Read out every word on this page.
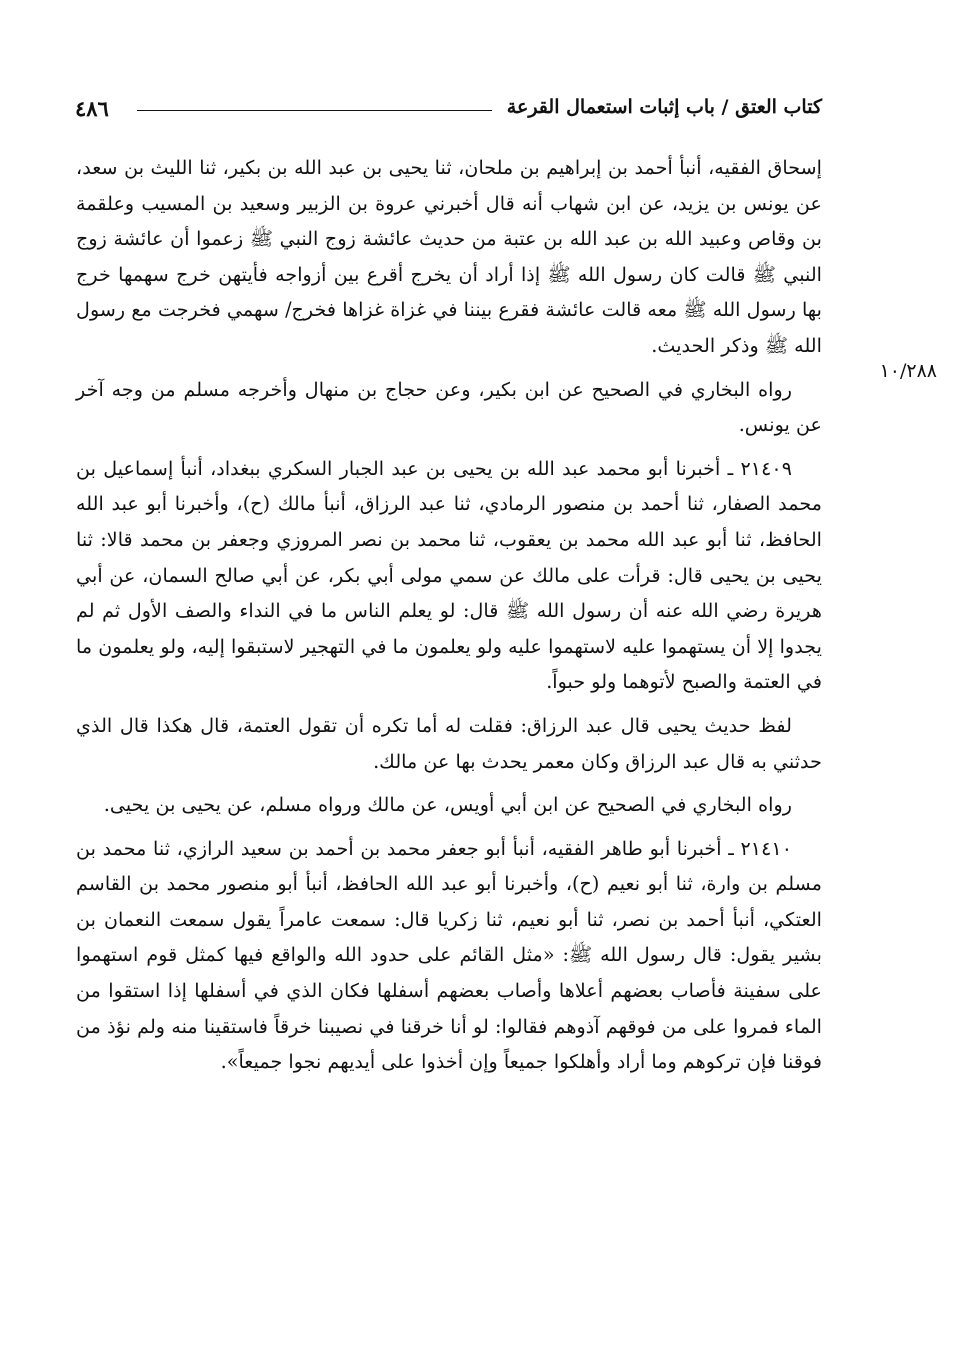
٤٨٦	كتاب العتق / باب إثبات استعمال القرعة
١٠/٢٨٨

إسحاق الفقيه، أنبأ أحمد بن إبراهيم بن ملحان، ثنا يحيى بن عبد الله بن بكير، ثنا الليث بن سعد، عن يونس بن يزيد، عن ابن شهاب أنه قال أخبرني عروة بن الزبير وسعيد بن المسيب وعلقمة بن وقاص وعبيد الله بن عبد الله بن عتبة من حديث عائشة زوج النبي ﷺ زعموا أن عائشة زوج النبي ﷺ قالت كان رسول الله ﷺ إذا أراد أن يخرج أقرع بين أزواجه فأيتهن خرج سهمها خرج بها رسول الله ﷺ معه قالت عائشة فقرع بيننا في غزاة غزاها فخرج/ سهمي فخرجت مع رسول الله ﷺ وذكر الحديث.

رواه البخاري في الصحيح عن ابن بكير، وعن حجاج بن منهال وأخرجه مسلم من وجه آخر عن يونس.

٢١٤٠٩ ـ أخبرنا أبو محمد عبد الله بن يحيى بن عبد الجبار السكري ببغداد، أنبأ إسماعيل بن محمد الصفار، ثنا أحمد بن منصور الرمادي، ثنا عبد الرزاق، أنبأ مالك (ح)، وأخبرنا أبو عبد الله الحافظ، ثنا أبو عبد الله محمد بن يعقوب، ثنا محمد بن نصر المروزي وجعفر بن محمد قالا: ثنا يحيى بن يحيى قال: قرأت على مالك عن سمي مولى أبي بكر، عن أبي صالح السمان، عن أبي هريرة رضي الله عنه أن رسول الله ﷺ قال: لو يعلم الناس ما في النداء والصف الأول ثم لم يجدوا إلا أن يستهموا عليه لاستهموا عليه ولو يعلمون ما في التهجير لاستبقوا إليه، ولو يعلمون ما في العتمة والصبح لأتوهما ولو حبواً.

لفظ حديث يحيى قال عبد الرزاق: فقلت له أما تكره أن تقول العتمة، قال هكذا قال الذي حدثني به قال عبد الرزاق وكان معمر يحدث بها عن مالك.

رواه البخاري في الصحيح عن ابن أبي أويس، عن مالك ورواه مسلم، عن يحيى بن يحيى.

٢١٤١٠ ـ أخبرنا أبو طاهر الفقيه، أنبأ أبو جعفر محمد بن أحمد بن سعيد الرازي، ثنا محمد بن مسلم بن وارة، ثنا أبو نعيم (ح)، وأخبرنا أبو عبد الله الحافظ، أنبأ أبو منصور محمد بن القاسم العتكي، أنبأ أحمد بن نصر، ثنا أبو نعيم، ثنا زكريا قال: سمعت عامراً يقول سمعت النعمان بن بشير يقول: قال رسول الله ﷺ: «مثل القائم على حدود الله والواقع فيها كمثل قوم استهموا على سفينة فأصاب بعضهم أعلاها وأصاب بعضهم أسفلها فكان الذي في أسفلها إذا استقوا من الماء فمروا على من فوقهم آذوهم فقالوا: لو أنا خرقنا في نصيبنا خرقاً فاستقينا منه ولم نؤذ من فوقنا فإن تركوهم وما أراد وأهلكوا جميعاً وإن أخذوا على أيديهم نجوا جميعاً».
